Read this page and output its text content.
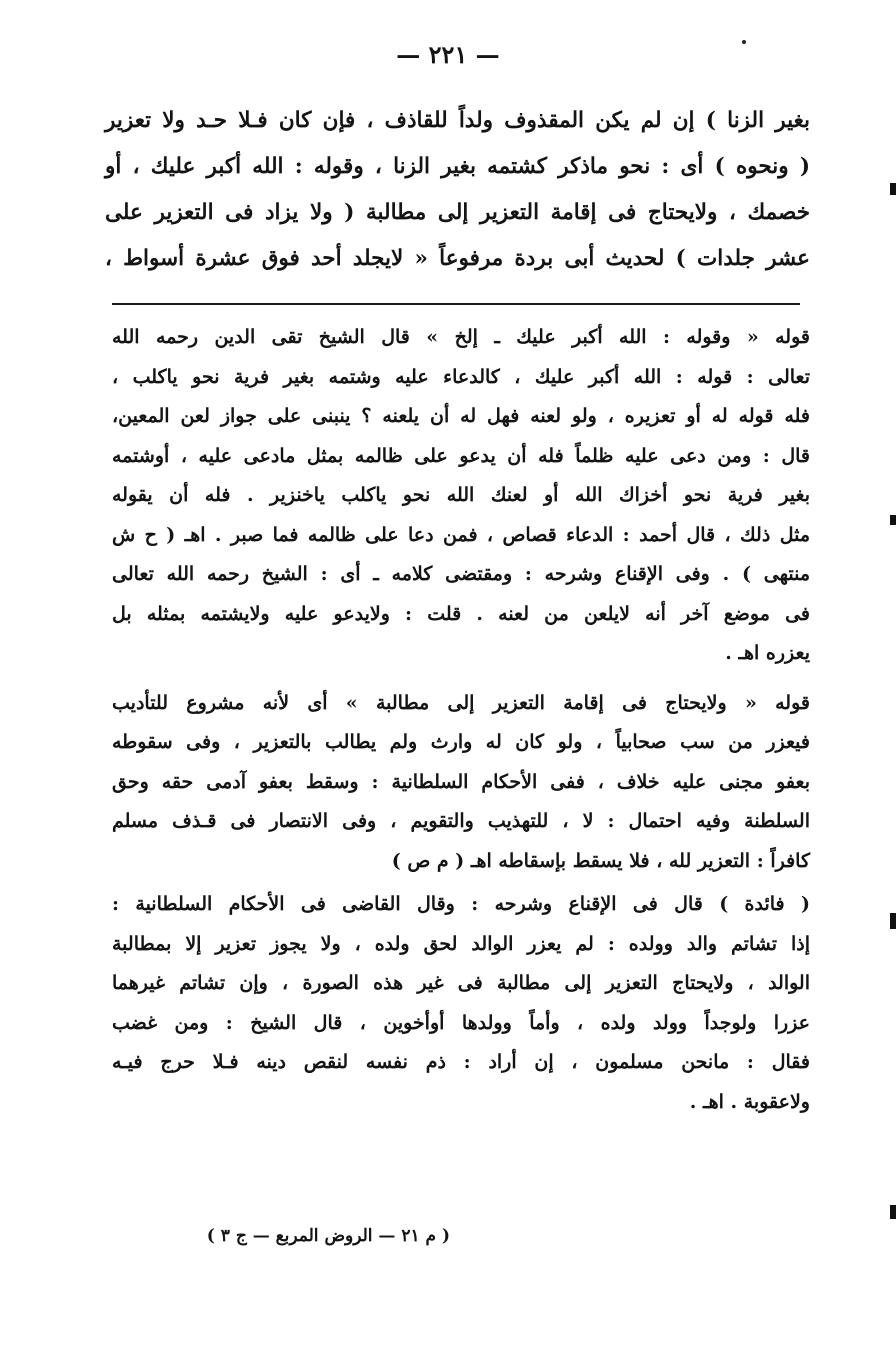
— ٢٢١ —
بغير الزنا ) إن لم يكن المقذوف ولداً للقاذف ، فإن كان فـلا حـد ولا تعزير
( ونحوه ) أى : نحو ماذكر كشتمه بغير الزنا ، وقوله : الله أكبر عليك ، أو
خصمك ، ولايحتاج فى إقامة التعزير إلى مطالبة ( ولا يزاد فى التعزير على
عشر جلدات ) لحديث أبى بردة مرفوعاً « لايجلد أحد فوق عشرة أسواط ،
قوله « وقوله : الله أكبر عليك ـ إلخ » قال الشيخ تقى الدين رحمه الله
تعالى : قوله : الله أكبر عليك ، كالدعاء عليه وشتمه بغير فرية نحو ياكلب ،
فله قوله له أو تعزيره ، ولو لعنه فهل له أن يلعنه ؟ ينبنى على جواز لعن المعين،
قال : ومن دعى عليه ظلماً فله أن يدعو على ظالمه بمثل مادعى عليه ، أوشتمه
بغير فرية نحو أخزاك الله أو لعنك الله نحو ياكلب ياخنزير . فله أن يقوله
مثل ذلك ، قال أحمد : الدعاء قصاص ، فمن دعا على ظالمه فما صبر . اهـ ( ح ش
منتهى ) . وفى الإقناع وشرحه : ومقتضى كلامه ـ أى : الشيخ رحمه الله تعالى
فى موضع آخر أنه لايلعن من لعنه . قلت : ولايدعو عليه ولايشتمه بمثله بل
يعزره اهـ .
قوله « ولايحتاج فى إقامة التعزير إلى مطالبة » أى لأنه مشروع للتأديب
فيعزر من سب صحابياً ، ولو كان له وارث ولم يطالب بالتعزير ، وفى سقوطه
بعفو مجنى عليه خلاف ، ففى الأحكام السلطانية : وسقط بعفو آدمى حقه وحق
السلطنة وفيه احتمال : لا ، للتهذيب والتقويم ، وفى الانتصار فى قـذف مسلم
كافراً : التعزير لله ، فلا يسقط بإسقاطه اهـ ( م ص )
( فائدة ) قال فى الإقناع وشرحه : وقال القاضى فى الأحكام السلطانية :
إذا تشاتم والد وولده : لم يعزر الوالد لحق ولده ، ولا يجوز تعزير إلا بمطالبة
الوالد ، ولايحتاج التعزير إلى مطالبة فى غير هذه الصورة ، وإن تشاتم غيرهما
عزرا ولوجداً وولد ولده ، وأماً وولدها أوأخوين ، قال الشيخ : ومن غضب
فقال : مانحن مسلمون ، إن أراد : ذم نفسه لنقص دينه فـلا حرج فيـه
ولاعقوبة . اهـ .
( م ٢١ — الروض المربع — ج ٣ )
